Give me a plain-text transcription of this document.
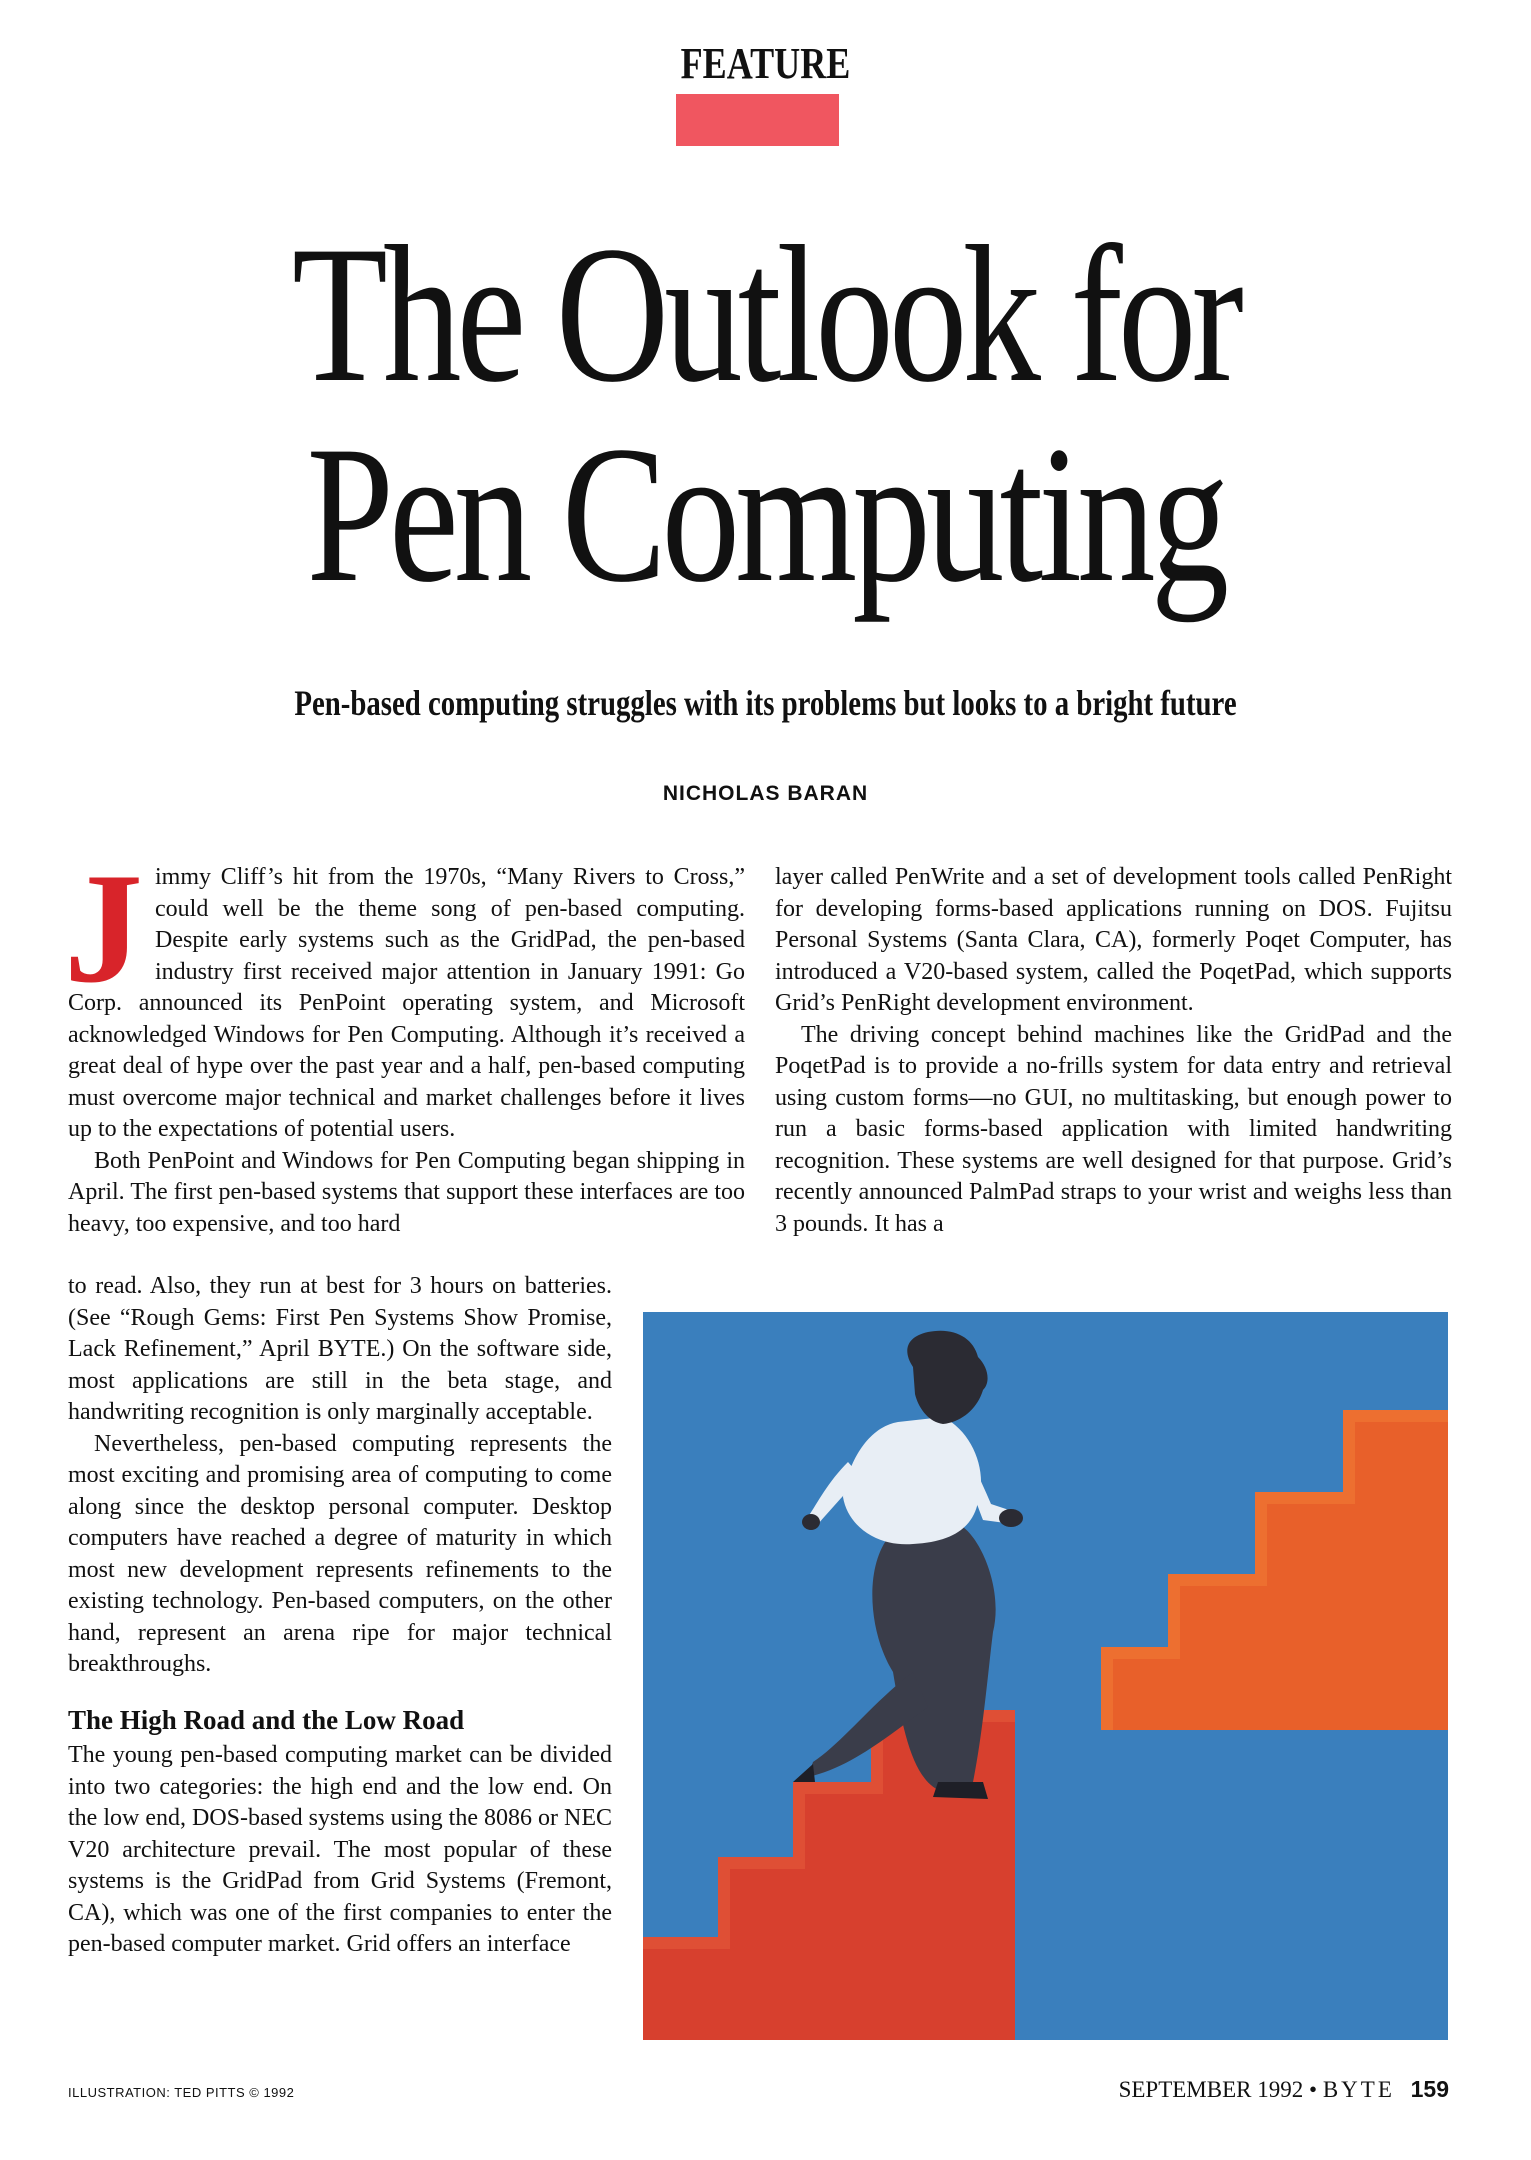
FEATURE
The Outlook for
Pen Computing
Pen-based computing struggles with its problems but looks to a bright future
NICHOLAS BARAN

Jimmy Cliff’s hit from the 1970s, “Many Rivers to Cross,” could well be the theme song of pen-based computing. Despite early systems such as the GridPad, the pen-based industry first received major attention in January 1991: Go Corp. announced its PenPoint operating system, and Microsoft acknowledged Windows for Pen Computing. Although it’s received a great deal of hype over the past year and a half, pen-based computing must overcome major technical and market challenges before it lives up to the expectations of potential users.

Both PenPoint and Windows for Pen Computing began shipping in April. The first pen-based systems that support these interfaces are too heavy, too expensive, and too hard

to read. Also, they run at best for 3 hours on batteries. (See “Rough Gems: First Pen Systems Show Promise, Lack Refinement,” April BYTE.) On the software side, most applications are still in the beta stage, and handwriting recognition is only marginally acceptable.

Nevertheless, pen-based computing represents the most exciting and promising area of computing to come along since the desktop personal computer. Desktop computers have reached a degree of maturity in which most new development represents refinements to the existing technology. Pen-based computers, on the other hand, represent an arena ripe for major technical breakthroughs.

The High Road and the Low Road

The young pen-based computing market can be divided into two categories: the high end and the low end. On the low end, DOS-based systems using the 8086 or NEC V20 architecture prevail. The most popular of these systems is the GridPad from Grid Systems (Fremont, CA), which was one of the first companies to enter the pen-based computer market. Grid offers an interface

layer called PenWrite and a set of development tools called PenRight for developing forms-based applications running on DOS. Fujitsu Personal Systems (Santa Clara, CA), formerly Poqet Computer, has introduced a V20-based system, called the PoqetPad, which supports Grid’s PenRight development environment.

The driving concept behind machines like the GridPad and the PoqetPad is to provide a no-frills system for data entry and retrieval using custom forms—no GUI, no multitasking, but enough power to run a basic forms-based application with limited handwriting recognition. These systems are well designed for that purpose. Grid’s recently announced PalmPad straps to your wrist and weighs less than 3 pounds. It has a

ILLUSTRATION: TED PITTS © 1992	SEPTEMBER 1992 • BYTE 159
